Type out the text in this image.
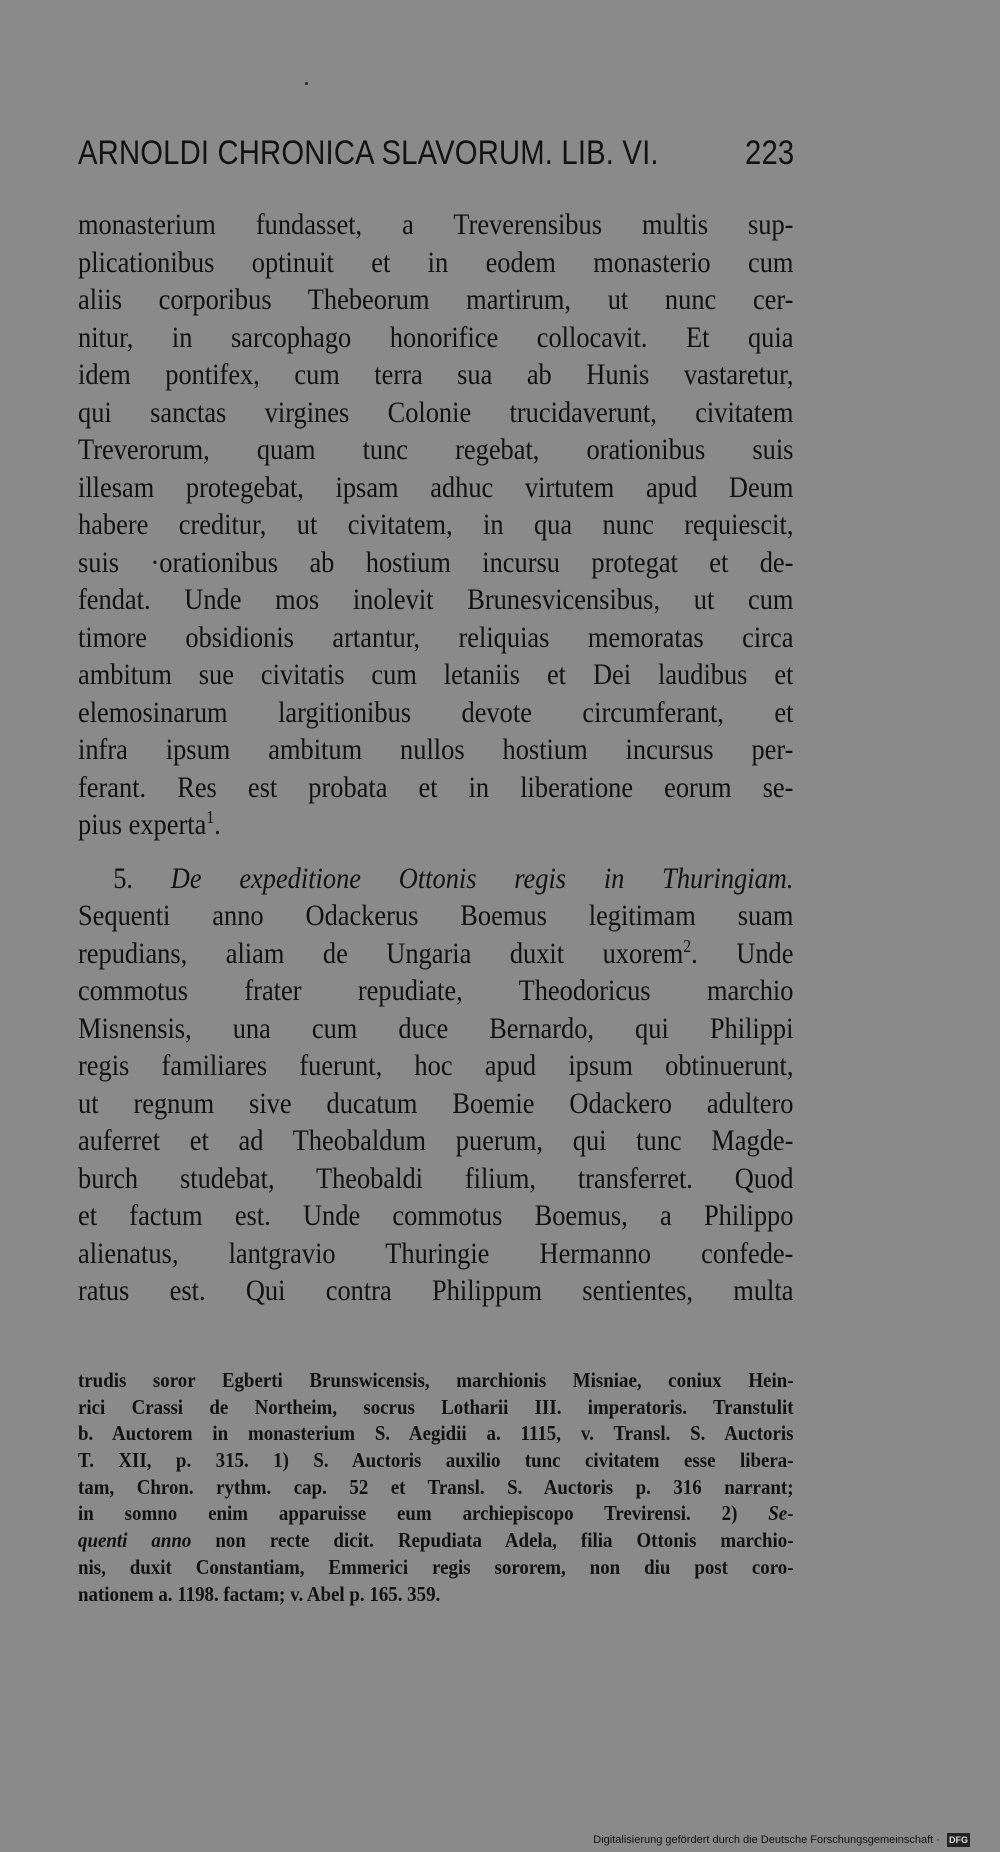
ARNOLDI CHRONICA SLAVORUM. LIB. VI.	223
monasterium fundasset, a Treverensibus multis sup-
plicationibus optinuit et in eodem monasterio cum
aliis corporibus Thebeorum martirum, ut nunc cer-
nitur, in sarcophago honorifice collocavit. Et quia
idem pontifex, cum terra sua ab Hunis vastaretur,
qui sanctas virgines Colonie trucidaverunt, civitatem
Treverorum, quam tunc regebat, orationibus suis
illesam protegebat, ipsam adhuc virtutem apud Deum
habere creditur, ut civitatem, in qua nunc requiescit,
suis ·orationibus ab hostium incursu protegat et de-
fendat. Unde mos inolevit Brunesvicensibus, ut cum
timore obsidionis artantur, reliquias memoratas circa
ambitum sue civitatis cum letaniis et Dei laudibus et
elemosinarum largitionibus devote circumferant, et
infra ipsum ambitum nullos hostium incursus per-
ferant. Res est probata et in liberatione eorum se-
pius experta$^1$.
5. De expeditione Ottonis regis in Thuringiam.
Sequenti anno Odackerus Boemus legitimam suam
repudians, aliam de Ungaria duxit uxorem$^2$. Unde
commotus frater repudiate, Theodoricus marchio
Misnensis, una cum duce Bernardo, qui Philippi
regis familiares fuerunt, hoc apud ipsum obtinuerunt,
ut regnum sive ducatum Boemie Odackero adultero
auferret et ad Theobaldum puerum, qui tunc Magde-
burch studebat, Theobaldi filium, transferret. Quod
et factum est. Unde commotus Boemus, a Philippo
alienatus, lantgravio Thuringie Hermanno confede-
ratus est. Qui contra Philippum sentientes, multa
trudis soror Egberti Brunswicensis, marchionis Misniae, coniux Hein-
rici Crassi de Northeim, socrus Lotharii III. imperatoris. Transtulit
b. Auctorem in monasterium S. Aegidii a. 1115, v. Transl. S. Auctoris
T. XII, p. 315. 1) S. Auctoris auxilio tunc civitatem esse libera-
tam, Chron. rythm. cap. 52 et Transl. S. Auctoris p. 316 narrant;
in somno enim apparuisse eum archiepiscopo Trevirensi. 2) Se-
quenti anno non recte dicit. Repudiata Adela, filia Ottonis marchio-
nis, duxit Constantiam, Emmerici regis sororem, non diu post coro-
nationem a. 1198. factam; v. Abel p. 165. 359.
Digitalisierung gefördert durch die Deutsche Forschungsgemeinschaft · DFG
